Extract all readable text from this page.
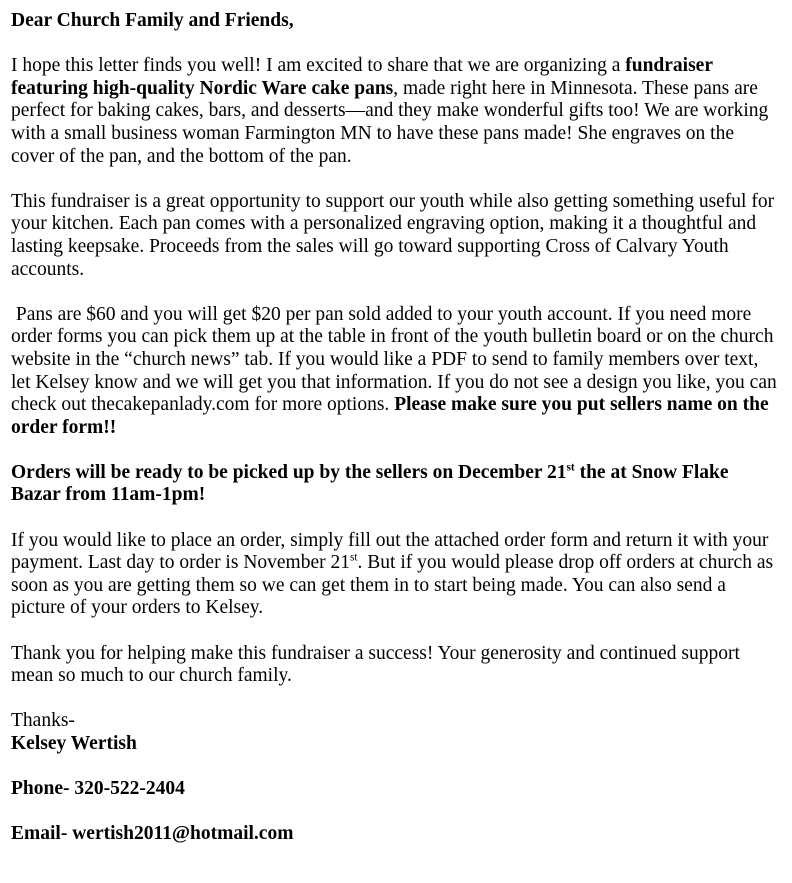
Dear Church Family and Friends,

I hope this letter finds you well! I am excited to share that we are organizing a fundraiser featuring high-quality Nordic Ware cake pans, made right here in Minnesota. These pans are perfect for baking cakes, bars, and desserts—and they make wonderful gifts too! We are working with a small business woman Farmington MN to have these pans made! She engraves on the cover of the pan, and the bottom of the pan.

This fundraiser is a great opportunity to support our youth while also getting something useful for your kitchen. Each pan comes with a personalized engraving option, making it a thoughtful and lasting keepsake. Proceeds from the sales will go toward supporting Cross of Calvary Youth accounts.

Pans are $60 and you will get $20 per pan sold added to your youth account. If you need more order forms you can pick them up at the table in front of the youth bulletin board or on the church website in the “church news” tab. If you would like a PDF to send to family members over text, let Kelsey know and we will get you that information. If you do not see a design you like, you can check out thecakepanlady.com for more options. Please make sure you put sellers name on the order form!!

Orders will be ready to be picked up by the sellers on December 21st the at Snow Flake Bazar from 11am-1pm!

If you would like to place an order, simply fill out the attached order form and return it with your payment. Last day to order is November 21st. But if you would please drop off orders at church as soon as you are getting them so we can get them in to start being made. You can also send a picture of your orders to Kelsey.

Thank you for helping make this fundraiser a success! Your generosity and continued support mean so much to our church family.

Thanks-
Kelsey Wertish

Phone- 320-522-2404

Email- wertish2011@hotmail.com
